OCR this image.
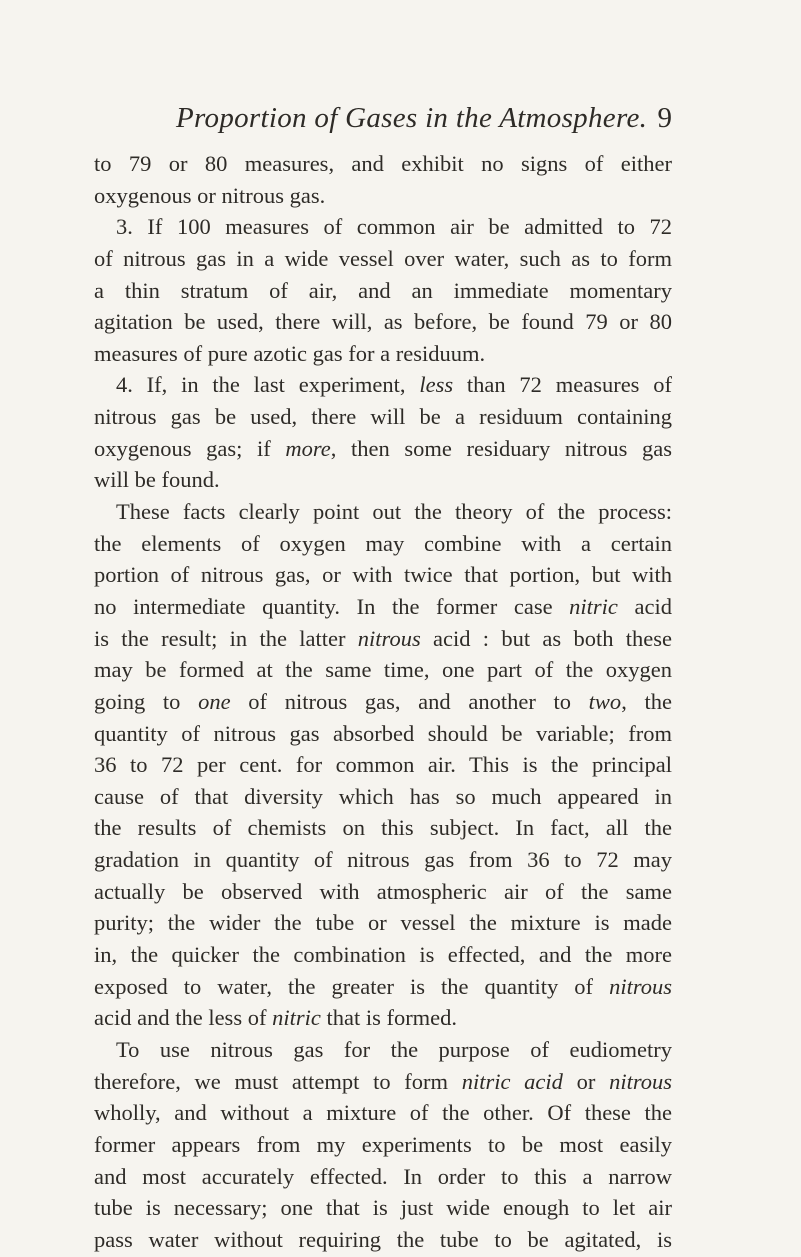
Proportion of Gases in the Atmosphere. 9
to 79 or 80 measures, and exhibit no signs of either
oxygenous or nitrous gas.
3. If 100 measures of common air be admitted to 72
of nitrous gas in a wide vessel over water, such as to form
a thin stratum of air, and an immediate momentary
agitation be used, there will, as before, be found 79 or 80
measures of pure azotic gas for a residuum.
4. If, in the last experiment, less than 72 measures of
nitrous gas be used, there will be a residuum containing
oxygenous gas; if more, then some residuary nitrous gas
will be found.
These facts clearly point out the theory of the process:
the elements of oxygen may combine with a certain
portion of nitrous gas, or with twice that portion, but with
no intermediate quantity. In the former case nitric acid
is the result; in the latter nitrous acid : but as both these
may be formed at the same time, one part of the oxygen
going to one of nitrous gas, and another to two, the
quantity of nitrous gas absorbed should be variable; from
36 to 72 per cent. for common air. This is the principal
cause of that diversity which has so much appeared in
the results of chemists on this subject. In fact, all the
gradation in quantity of nitrous gas from 36 to 72 may
actually be observed with atmospheric air of the same
purity; the wider the tube or vessel the mixture is made
in, the quicker the combination is effected, and the more
exposed to water, the greater is the quantity of nitrous
acid and the less of nitric that is formed.
To use nitrous gas for the purpose of eudiometry
therefore, we must attempt to form nitric acid or nitrous
wholly, and without a mixture of the other. Of these the
former appears from my experiments to be most easily
and most accurately effected. In order to this a narrow
tube is necessary; one that is just wide enough to let air
pass water without requiring the tube to be agitated, is
